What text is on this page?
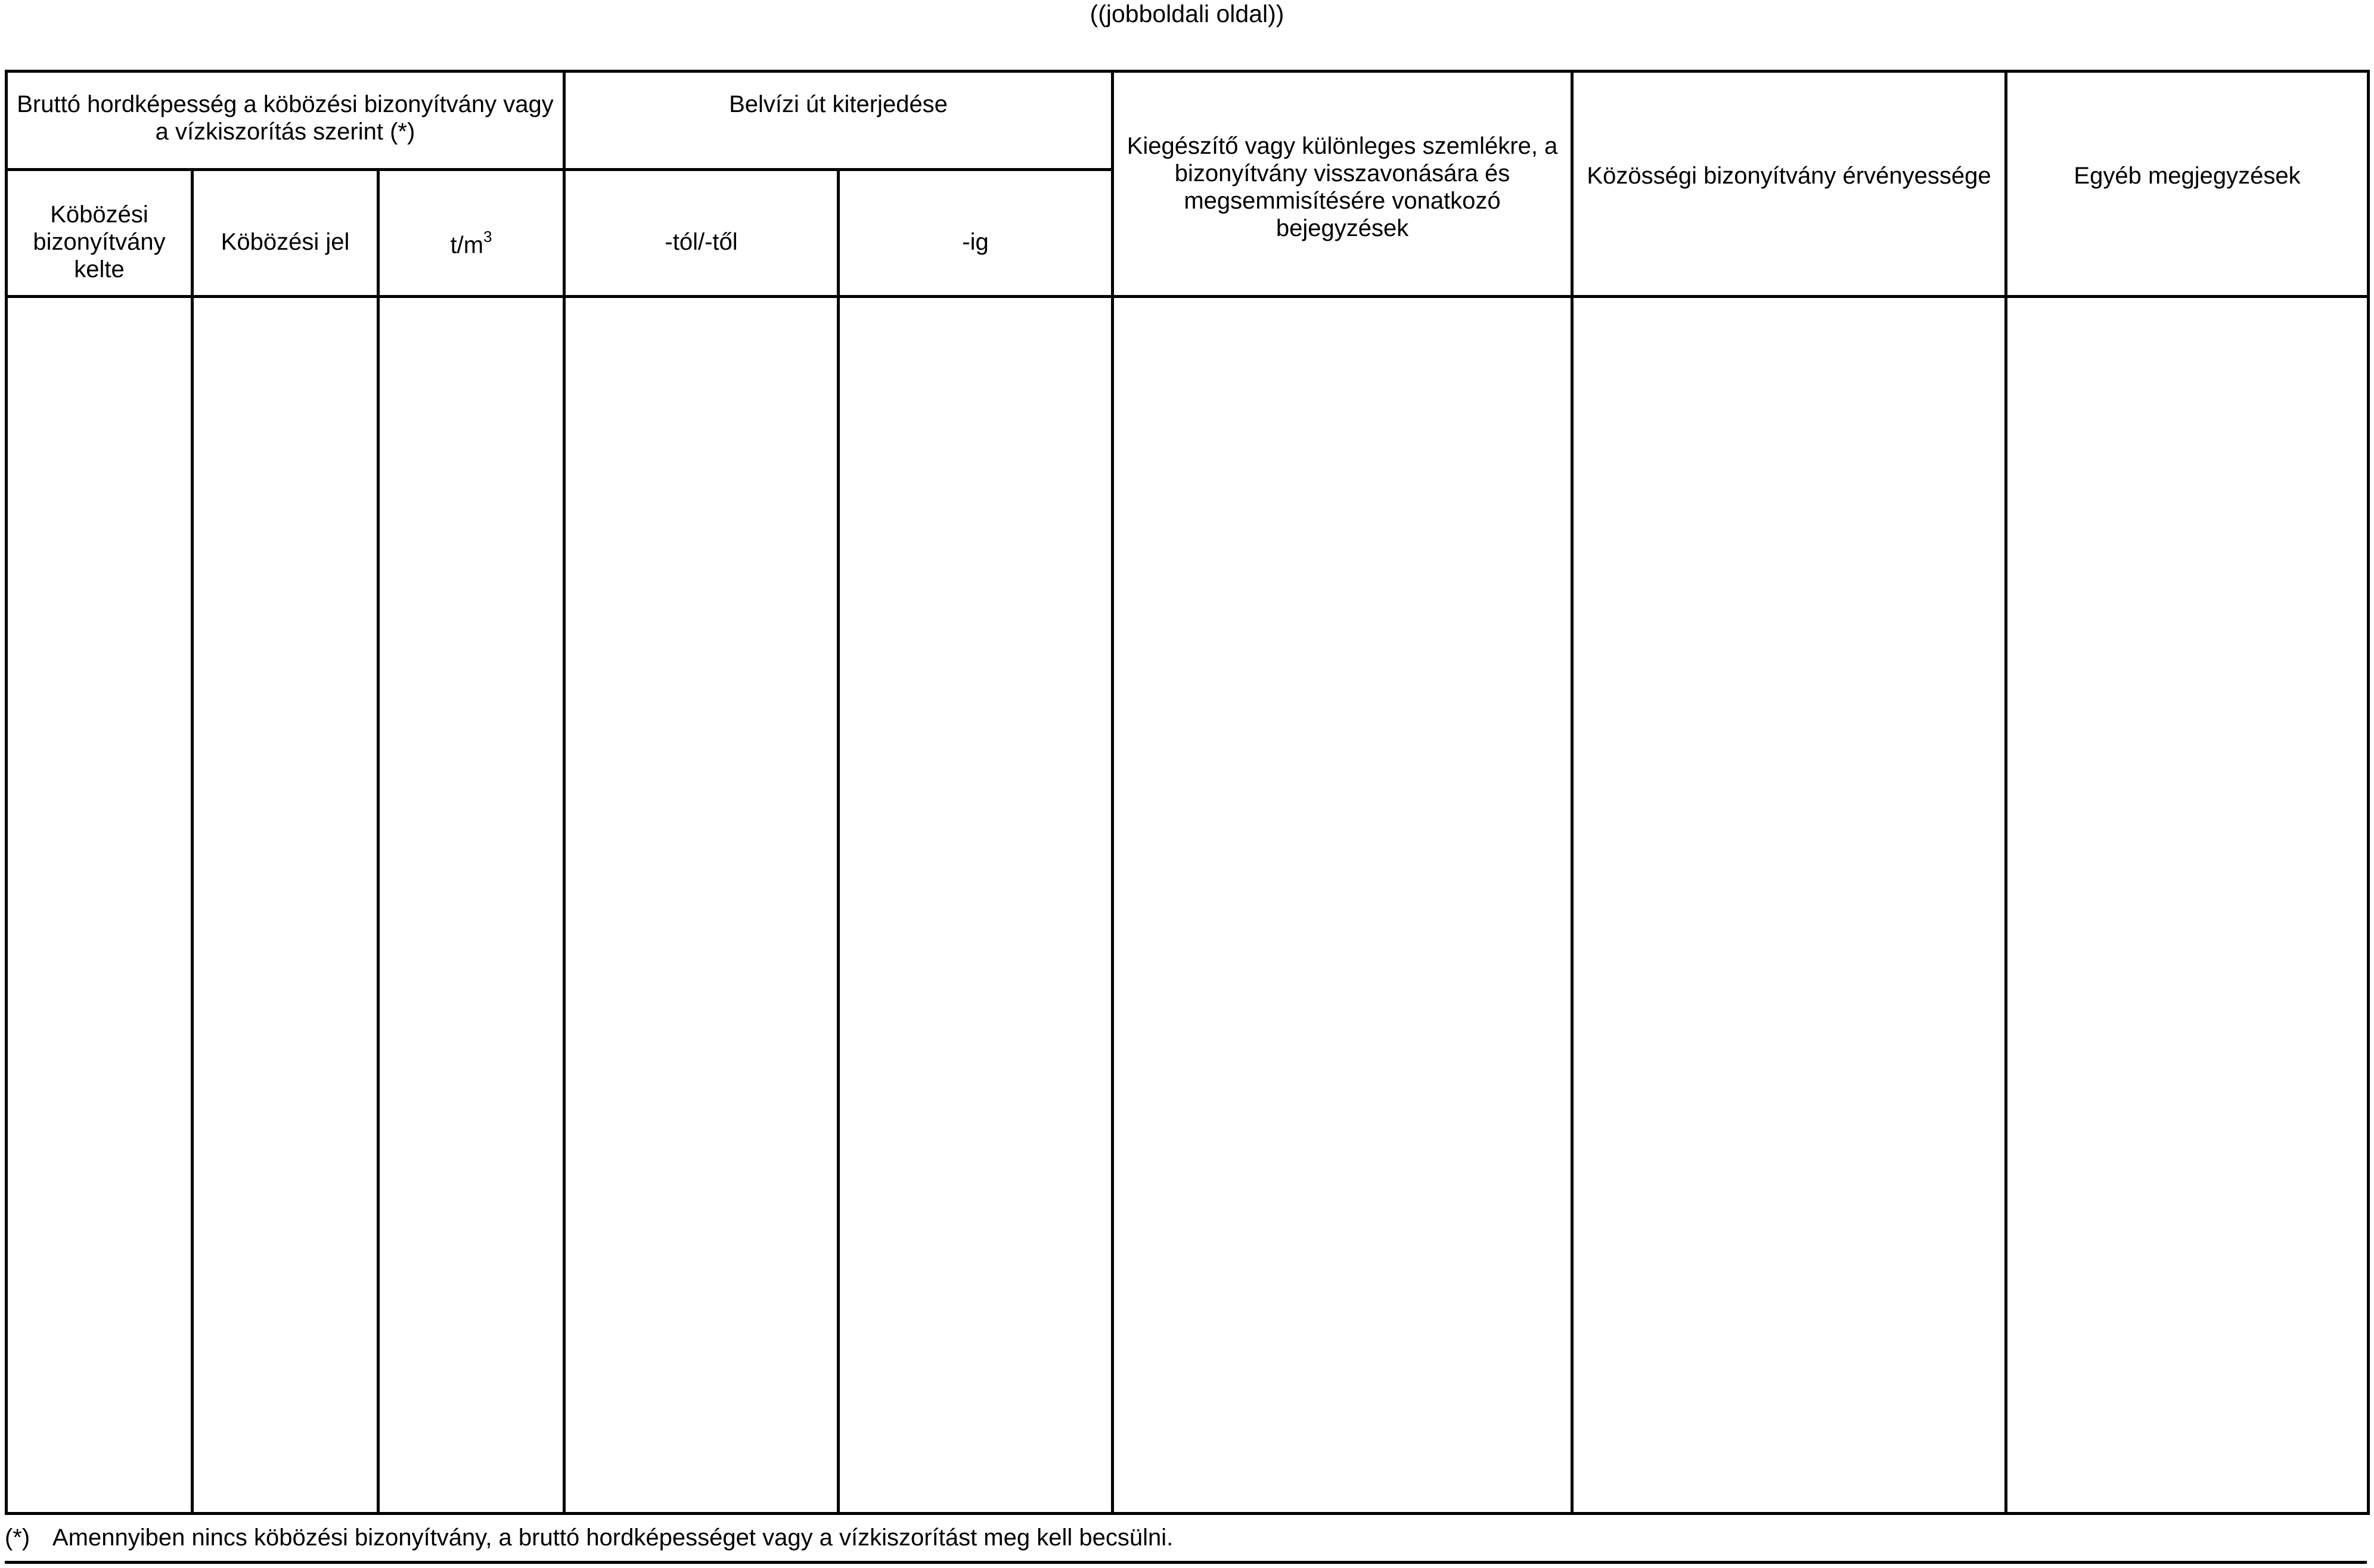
((jobboldali oldal))
Bruttó hordképesség a köbözési bizonyítvány vagy a vízkiszorítás szerint (*)			Belvízi út kiterjedése		Kiegészítő vagy különleges szemlékre, a bizonyítvány visszavonására és megsemmisítésére vonatkozó bejegyzések	Közösségi bizonyítvány érvényessége	Egyéb megjegyzések
Köbözési bizonyítvány kelte	Köbözési jel	$t/m^3$	-tól/-től	-ig			

(*) Amennyiben nincs köbözési bizonyítvány, a bruttó hordképességet vagy a vízkiszorítást meg kell becsülni.
